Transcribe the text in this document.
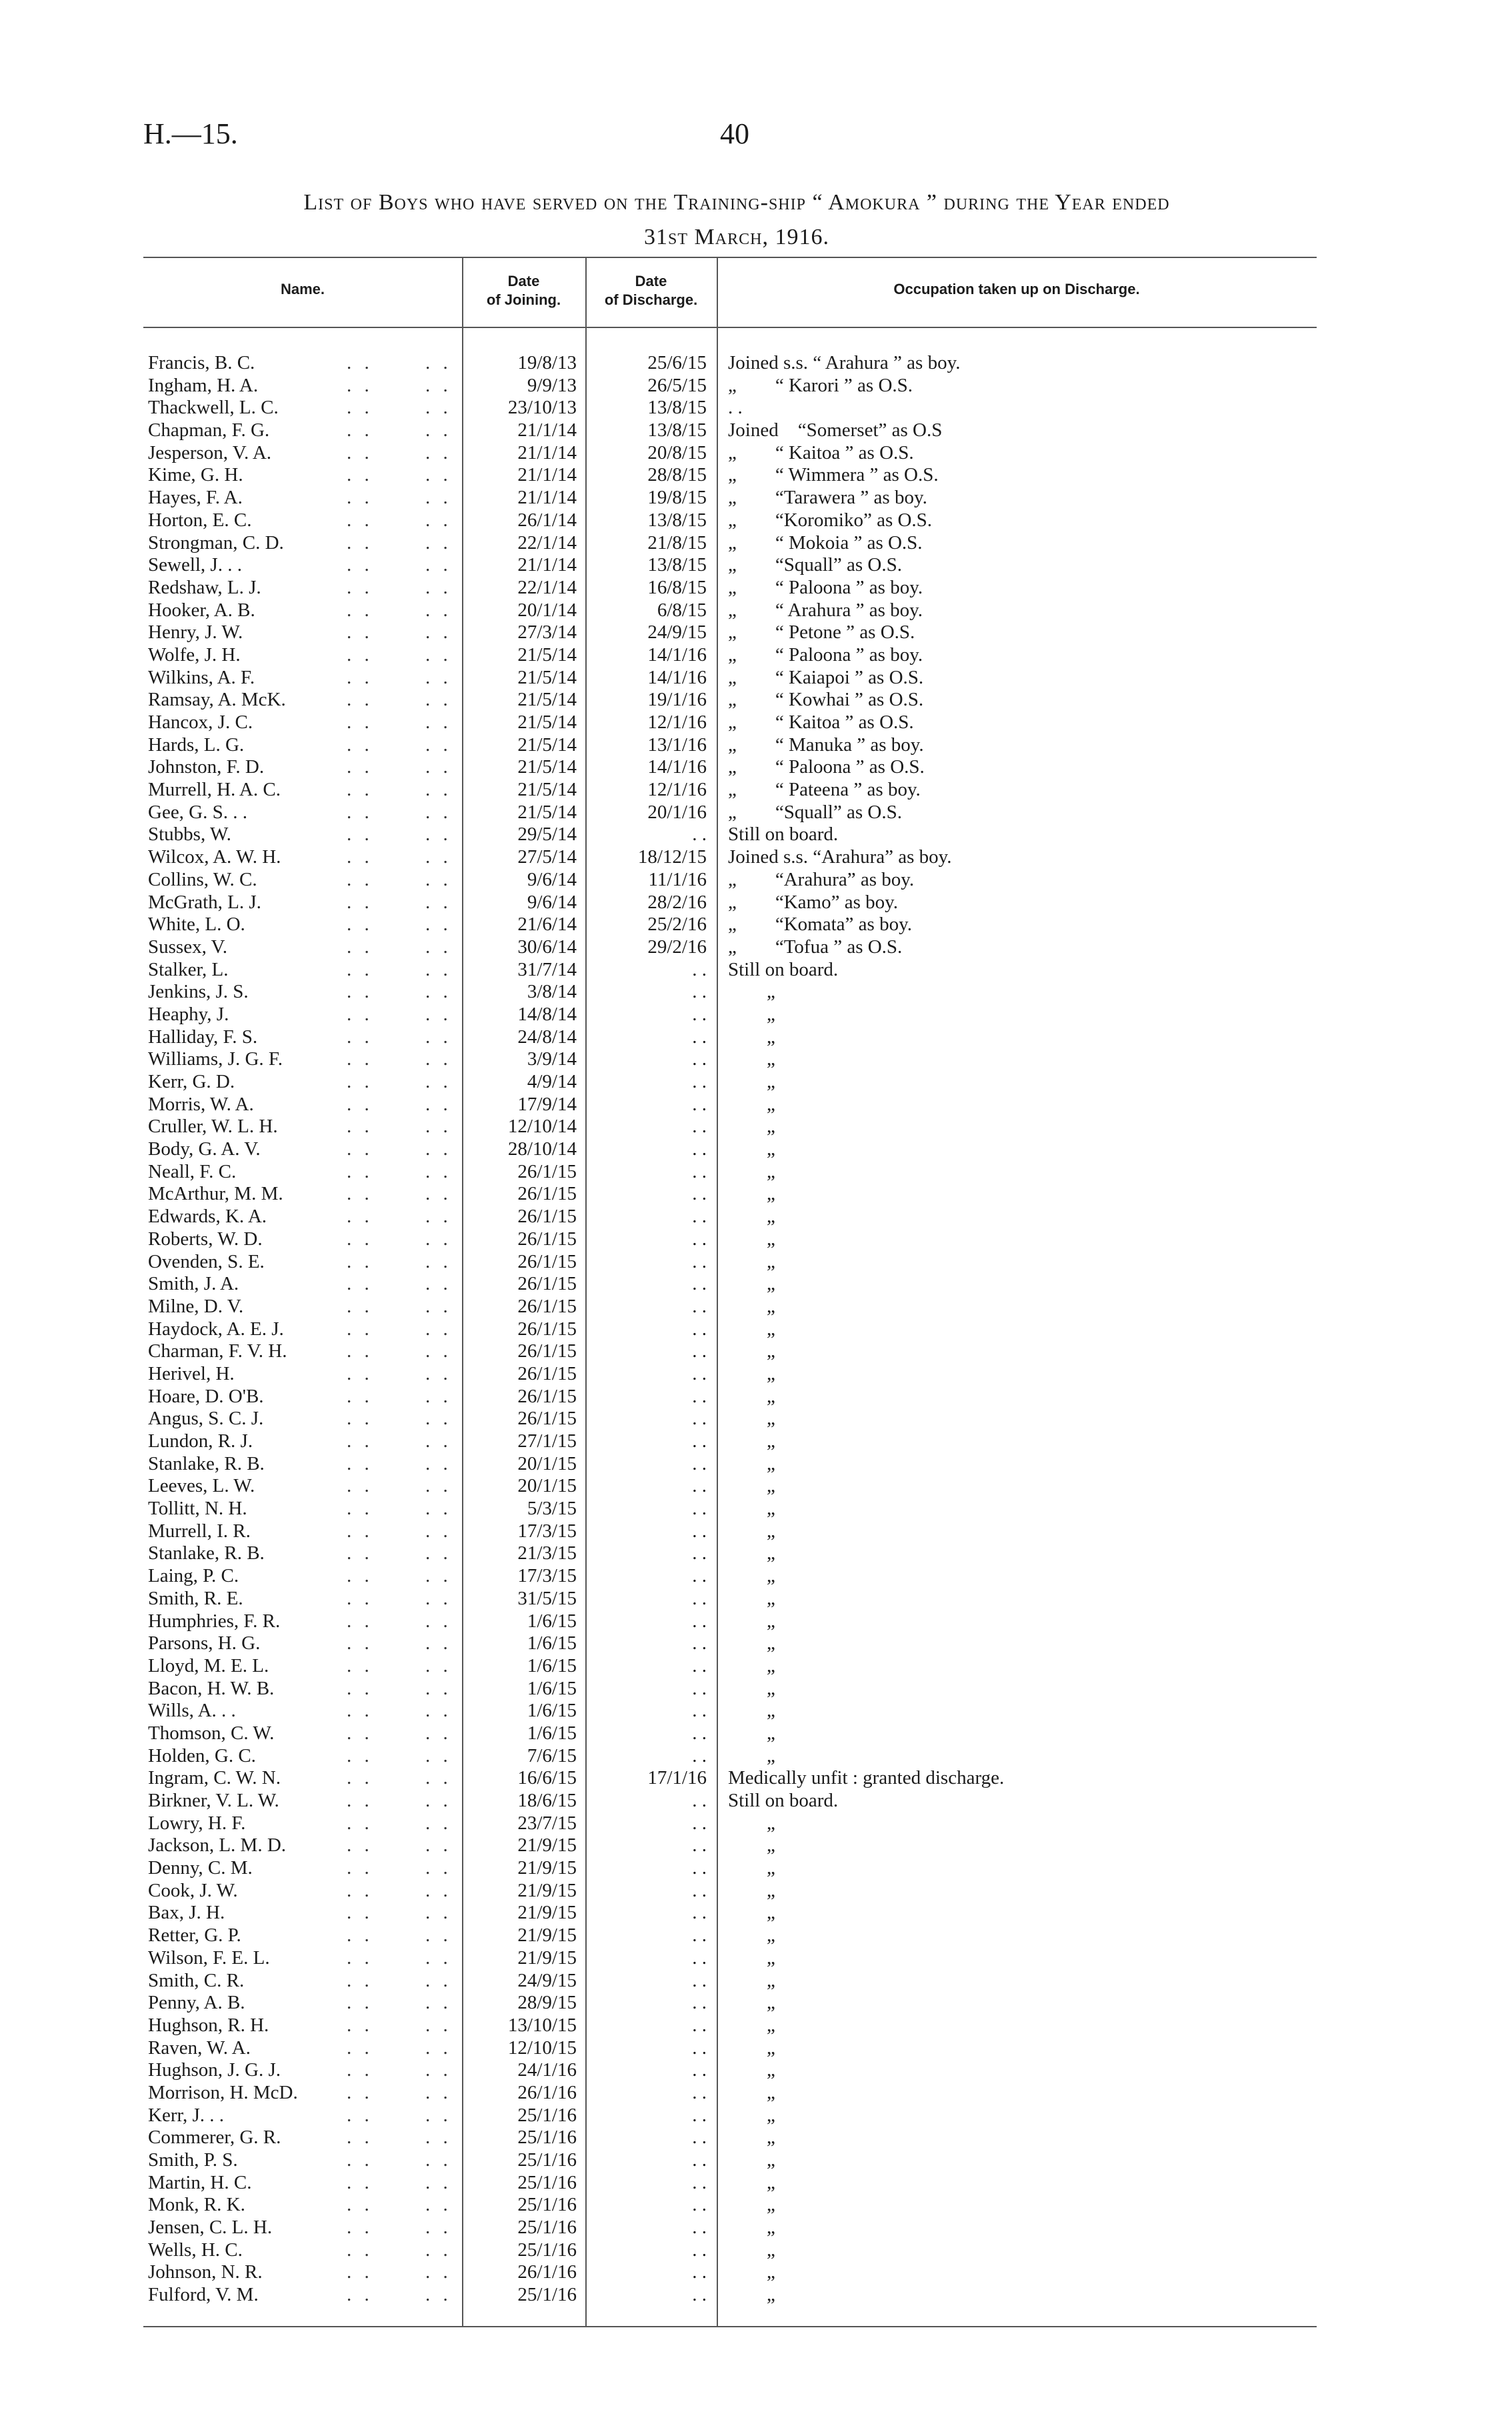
H.—15.	40
List of Boys who have served on the Training-ship “ Amokura ” during the Year ended
31st March, 1916.
Name.	Date
of Joining.
Date
of Discharge.
Occupation taken up on Discharge.
Francis, B. C.	. .	. .	19/8/13	25/6/15 Joined s.s. “ Arahura ” as boy.
Ingham, H. A.	. .	. .	9/9/13	26/5/15 „        “ Karori ” as O.S.
Thackwell, L. C.	. .	. .	23/10/13	13/8/15 . .
Chapman, F. G.	. .	. .	21/1/14	13/8/15 Joined    “Somerset” as O.S
Jesperson, V. A.	. .	. .	21/1/14	20/8/15 „        “ Kaitoa ” as O.S.
Kime, G. H.	. .	. .	21/1/14	28/8/15 „        “ Wimmera ” as O.S.
Hayes, F. A.	. .	. .	21/1/14	19/8/15 „        “Tarawera ” as boy.
Horton, E. C.	. .	. .	26/1/14	13/8/15 „        “Koromiko” as O.S.
Strongman, C. D.	. .	. .	22/1/14	21/8/15 „        “ Mokoia ” as O.S.
Sewell, J. . .	. .	. .	21/1/14	13/8/15 „        “Squall” as O.S.
Redshaw, L. J.	. .	. .	22/1/14	16/8/15 „        “ Paloona ” as boy.
Hooker, A. B.	. .	. .	20/1/14	6/8/15 „        “ Arahura ” as boy.
Henry, J. W.	. .	. .	27/3/14	24/9/15 „        “ Petone ” as O.S.
Wolfe, J. H.	. .	. .	21/5/14	14/1/16 „        “ Paloona ” as boy.
Wilkins, A. F.	. .	. .	21/5/14	14/1/16 „        “ Kaiapoi ” as O.S.
Ramsay, A. McK.	. .	. .	21/5/14	19/1/16 „        “ Kowhai ” as O.S.
Hancox, J. C.	. .	. .	21/5/14	12/1/16 „        “ Kaitoa ” as O.S.
Hards, L. G.	. .	. .	21/5/14	13/1/16 „        “ Manuka ” as boy.
Johnston, F. D.	. .	. .	21/5/14	14/1/16 „        “ Paloona ” as O.S.
Murrell, H. A. C.	. .	. .	21/5/14	12/1/16 „        “ Pateena ” as boy.
Gee, G. S. . .	. .	. .	21/5/14	20/1/16 „        “Squall” as O.S.
Stubbs, W.	. .	. .	29/5/14	. . Still on board.
Wilcox, A. W. H.	. .	. .	27/5/14	18/12/15 Joined s.s. “Arahura” as boy.
Collins, W. C.	. .	. .	9/6/14	11/1/16 „        “Arahura” as boy.
McGrath, L. J.	. .	. .	9/6/14	28/2/16 „        “Kamo” as boy.
White, L. O.	. .	. .	21/6/14	25/2/16 „        “Komata” as boy.
Sussex, V.	. .	. .	30/6/14	29/2/16 „        “Tofua ” as O.S.
Stalker, L.	. .	. .	31/7/14	. . Still on board.
Jenkins, J. S.	. .	. .	3/8/14	. . „
Heaphy, J.	. .	. .	14/8/14	. . „
Halliday, F. S.	. .	. .	24/8/14	. . „
Williams, J. G. F.	. .	. .	3/9/14	. . „
Kerr, G. D.	. .	. .	4/9/14	. . „
Morris, W. A.	. .	. .	17/9/14	. . „
Cruller, W. L. H.	. .	. .	12/10/14	. . „
Body, G. A. V.	. .	. .	28/10/14	. . „
Neall, F. C.	. .	. .	26/1/15	. . „
McArthur, M. M.	. .	. .	26/1/15	. . „
Edwards, K. A.	. .	. .	26/1/15	. . „
Roberts, W. D.	. .	. .	26/1/15	. . „
Ovenden, S. E.	. .	. .	26/1/15	. . „
Smith, J. A.	. .	. .	26/1/15	. . „
Milne, D. V.	. .	. .	26/1/15	. . „
Haydock, A. E. J.	. .	. .	26/1/15	. . „
Charman, F. V. H.	. .	. .	26/1/15	. . „
Herivel, H.	. .	. .	26/1/15	. . „
Hoare, D. O'B.	. .	. .	26/1/15	. . „
Angus, S. C. J.	. .	. .	26/1/15	. . „
Lundon, R. J.	. .	. .	27/1/15	. . „
Stanlake, R. B.	. .	. .	20/1/15	. . „
Leeves, L. W.	. .	. .	20/1/15	. . „
Tollitt, N. H.	. .	. .	5/3/15	. . „
Murrell, I. R.	. .	. .	17/3/15	. . „
Stanlake, R. B.	. .	. .	21/3/15	. . „
Laing, P. C.	. .	. .	17/3/15	. . „
Smith, R. E.	. .	. .	31/5/15	. . „
Humphries, F. R.	. .	. .	1/6/15	. . „
Parsons, H. G.	. .	. .	1/6/15	. . „
Lloyd, M. E. L.	. .	. .	1/6/15	. . „
Bacon, H. W. B.	. .	. .	1/6/15	. . „
Wills, A. . .	. .	. .	1/6/15	. . „
Thomson, C. W.	. .	. .	1/6/15	. . „
Holden, G. C.	. .	. .	7/6/15	. . „
Ingram, C. W. N.	. .	. .	16/6/15	17/1/16 Medically unfit : granted discharge.
Birkner, V. L. W.	. .	. .	18/6/15	. . Still on board.
Lowry, H. F.	. .	. .	23/7/15	. . „
Jackson, L. M. D.	. .	. .	21/9/15	. . „
Denny, C. M.	. .	. .	21/9/15	. . „
Cook, J. W.	. .	. .	21/9/15	. . „
Bax, J. H.	. .	. .	21/9/15	. . „
Retter, G. P.	. .	. .	21/9/15	. . „
Wilson, F. E. L.	. .	. .	21/9/15	. . „
Smith, C. R.	. .	. .	24/9/15	. . „
Penny, A. B.	. .	. .	28/9/15	. . „
Hughson, R. H.	. .	. .	13/10/15	. . „
Raven, W. A.	. .	. .	12/10/15	. . „
Hughson, J. G. J.	. .	. .	24/1/16	. . „
Morrison, H. McD.	. .	. .	26/1/16	. . „
Kerr, J. . .	. .	. .	25/1/16	. . „
Commerer, G. R.	. .	. .	25/1/16	. . „
Smith, P. S.	. .	. .	25/1/16	. . „
Martin, H. C.	. .	. .	25/1/16	. . „
Monk, R. K.	. .	. .	25/1/16	. . „
Jensen, C. L. H.	. .	. .	25/1/16	. . „
Wells, H. C.	. .	. .	25/1/16	. . „
Johnson, N. R.	. .	. .	26/1/16	. . „
Fulford, V. M.	. .	. .	25/1/16	. . „
